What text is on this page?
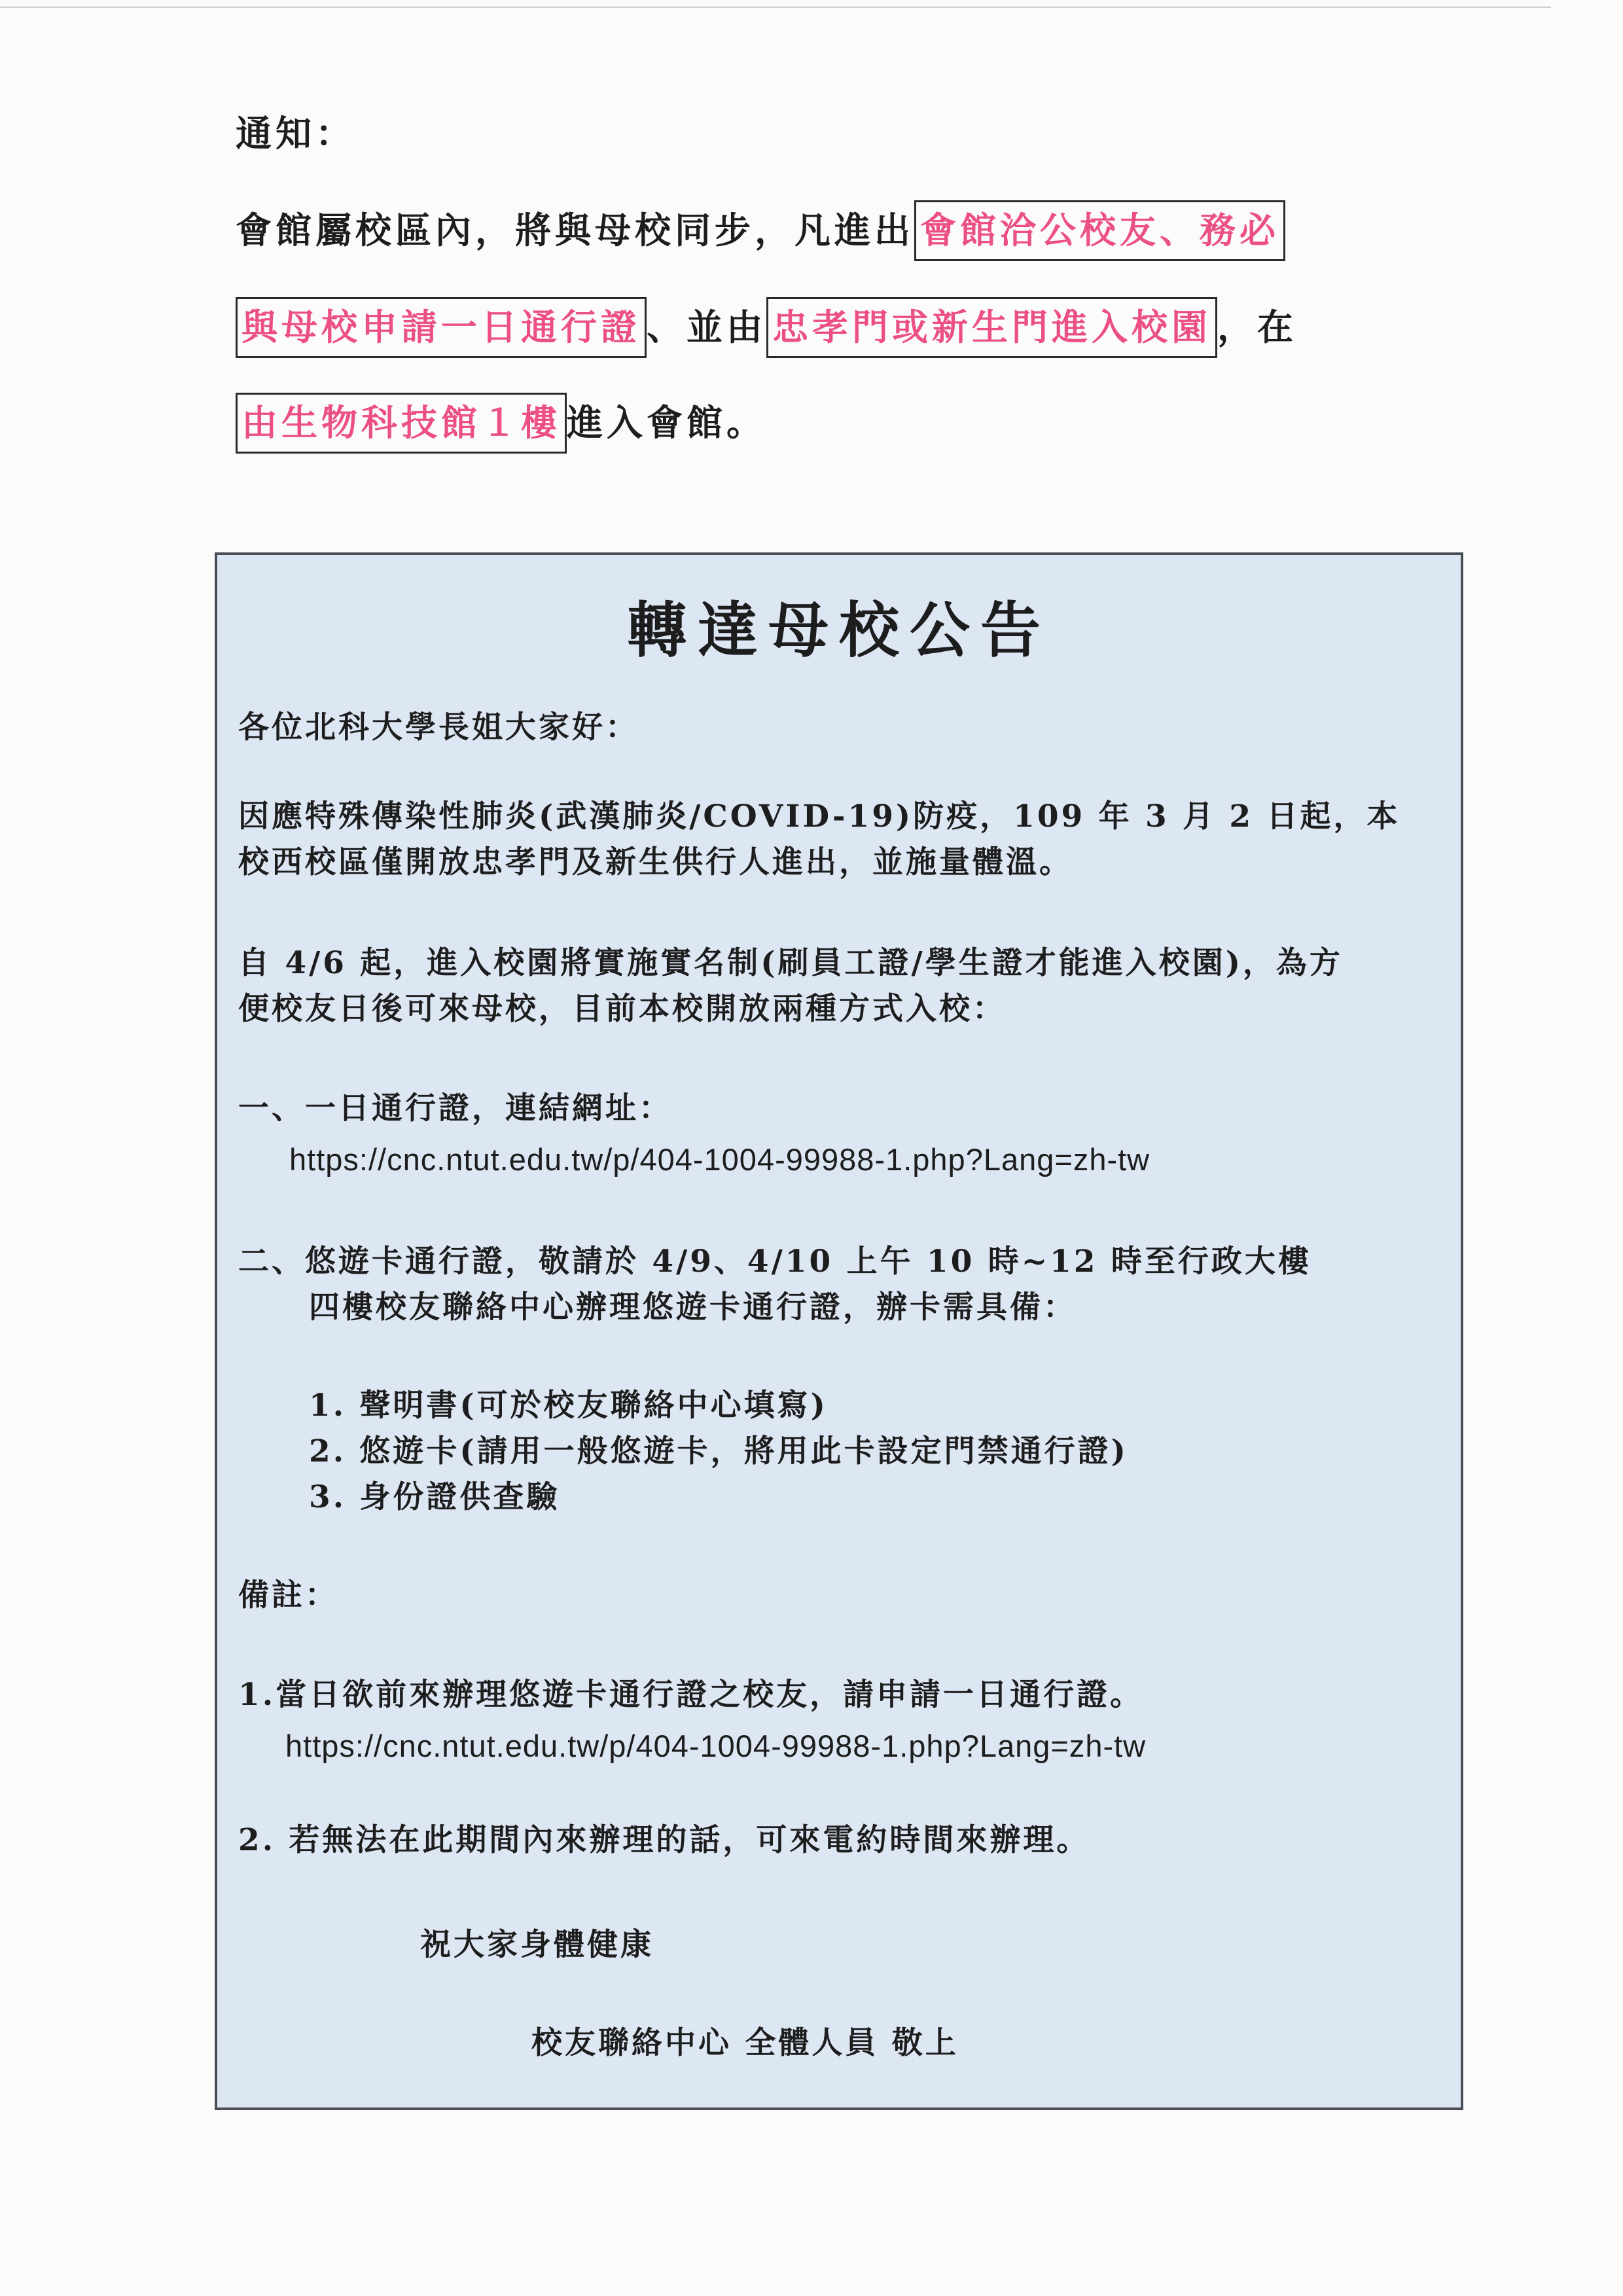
通知：
會館屬校區內，將與母校同步，凡進出 會館洽公校友、務必
與母校申請一日通行證 、並由 忠孝門或新生門進入校園 ，在
由生物科技館１樓 進入會館。
轉達母校公告
各位北科大學長姐大家好：
因應特殊傳染性肺炎(武漢肺炎/COVID-19)防疫，109 年 3 月 2 日起，本
校西校區僅開放忠孝門及新生供行人進出，並施量體溫。
自 4/6 起，進入校園將實施實名制(刷員工證/學生證才能進入校園)，為方
便校友日後可來母校，目前本校開放兩種方式入校：
一、一日通行證，連結網址：
https://cnc.ntut.edu.tw/p/404-1004-99988-1.php?Lang=zh-tw
二、悠遊卡通行證，敬請於 4/9、4/10 上午 10 時~12 時至行政大樓
四樓校友聯絡中心辦理悠遊卡通行證，辦卡需具備：
1. 聲明書(可於校友聯絡中心填寫)
2. 悠遊卡(請用一般悠遊卡，將用此卡設定門禁通行證)
3. 身份證供查驗
備註：
1.當日欲前來辦理悠遊卡通行證之校友，請申請一日通行證。
https://cnc.ntut.edu.tw/p/404-1004-99988-1.php?Lang=zh-tw
2. 若無法在此期間內來辦理的話，可來電約時間來辦理。
祝大家身體健康
校友聯絡中心 全體人員 敬上
